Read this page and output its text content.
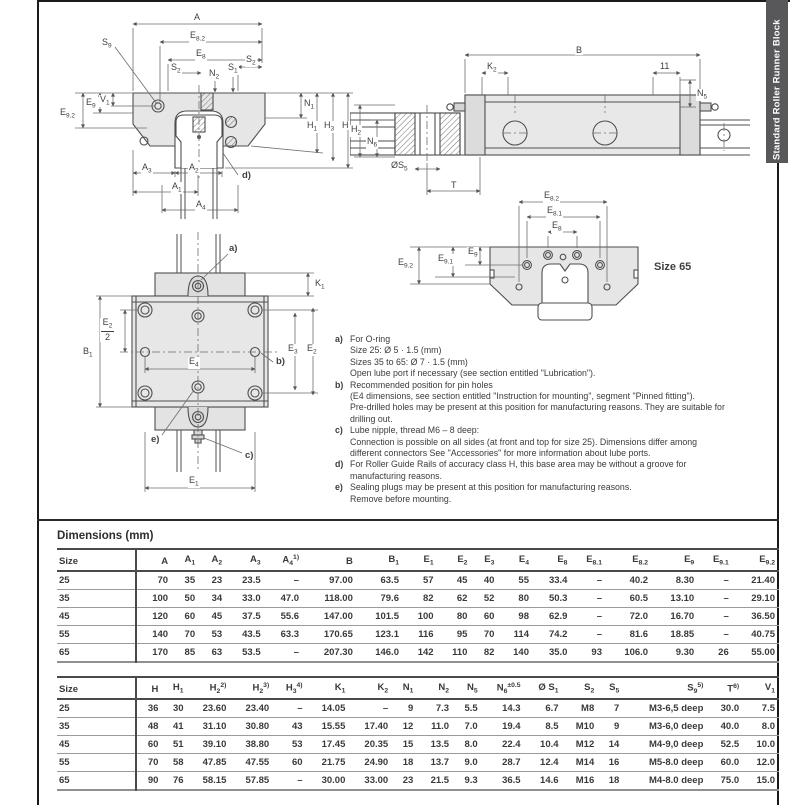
Standard Roller Runner Block
A
$E_{8.2}$
$E_8$
$S_2$	$N_2$
$S_1$
$S_2$
$S_9$
$V_1$
$E_9$
$E_{9.2}$
$N_1$
$H_1$ $H_3$ H
$A_3$	$A_2$	d)
$A_1$
$A_4$
B
$K_2$	11
$N_5$
$H_2$
$N_6$
$ØS_5$
T
$E_{8.2}$
$E_{8.1}$
$E_8$
$E_{9.2}$
$E_{9.1}$
$E_9$
Size 65
a)
$K_1$
$E_2$
2
$B_1$
$E_4$	b)
$E_3$ $E_2$
e)
c)
$E_1$
a) For O-ring
Size 25: Ø 5 · 1.5 (mm)
Sizes 35 to 65: Ø 7 · 1.5 (mm)
Open lube port if necessary (see section entitled "Lubrication").
b) Recommended position for pin holes
(E4 dimensions, see section entitled "Instruction for mounting", segment "Pinned fitting").
Pre-drilled holes may be present at this position for manufacturing reasons. They are suitable for
drilling out.
c) Lube nipple, thread M6 – 8 deep:
Connection is possible on all sides (at front and top for size 25). Dimensions differ among
different connectors See "Accessories" for more information about lube ports.
d) For Roller Guide Rails of accuracy class H, this base area may be without a groove for
manufacturing reasons.
e) Sealing plugs may be present at this position for manufacturing reasons.
Remove before mounting.
Dimensions (mm)
Size	A	$A_1$	$A_2$	$A_3$	$A_4^{1)}$	B	$B_1$	$E_1$	$E_2$	$E_3$	$E_4$	$E_8$	$E_{8.1}$	$E_{8.2}$	$E_9$	$E_{9.1}$	$E_{9.2}$
25	70	35	23	23.5	–	97.00	63.5	57	45	40	55	33.4	–	40.2	8.30	–	21.40
35	100	50	34	33.0	47.0	118.00	79.6	82	62	52	80	50.3	–	60.5	13.10	–	29.10
45	120	60	45	37.5	55.6	147.00	101.5	100	80	60	98	62.9	–	72.0	16.70	–	36.50
55	140	70	53	43.5	63.3	170.65	123.1	116	95	70	114	74.2	–	81.6	18.85	–	40.75
65	170	85	63	53.5	–	207.30	146.0	142	110	82	140	35.0	93	106.0	9.30	26	55.00
Size	H	$H_1$	$H_2^{2)}$	$H_2^{3)}$	$H_3^{4)}$	$K_1$	$K_2$	$N_1$	$N_2$	$N_5$	$N_6^{\pm 0.5}$	Ø $S_1$	$S_2$	$S_5$	$S_9^{5)}$	$T^{6)}$	$V_1$
25	36	30	23.60	23.40	–	14.05	–	9	7.3	5.5	14.3	6.7	M8	7	M3-6,5 deep	30.0	7.5
35	48	41	31.10	30.80	43	15.55	17.40	12	11.0	7.0	19.4	8.5	M10	9	M3-6,0 deep	40.0	8.0
45	60	51	39.10	38.80	53	17.45	20.35	15	13.5	8.0	22.4	10.4	M12	14	M4-9,0 deep	52.5	10.0
55	70	58	47.85	47.55	60	21.75	24.90	18	13.7	9.0	28.7	12.4	M14	16	M5-8.0 deep	60.0	12.0
65	90	76	58.15	57.85	–	30.00	33.00	23	21.5	9.3	36.5	14.6	M16	18	M4-8.0 deep	75.0	15.0
